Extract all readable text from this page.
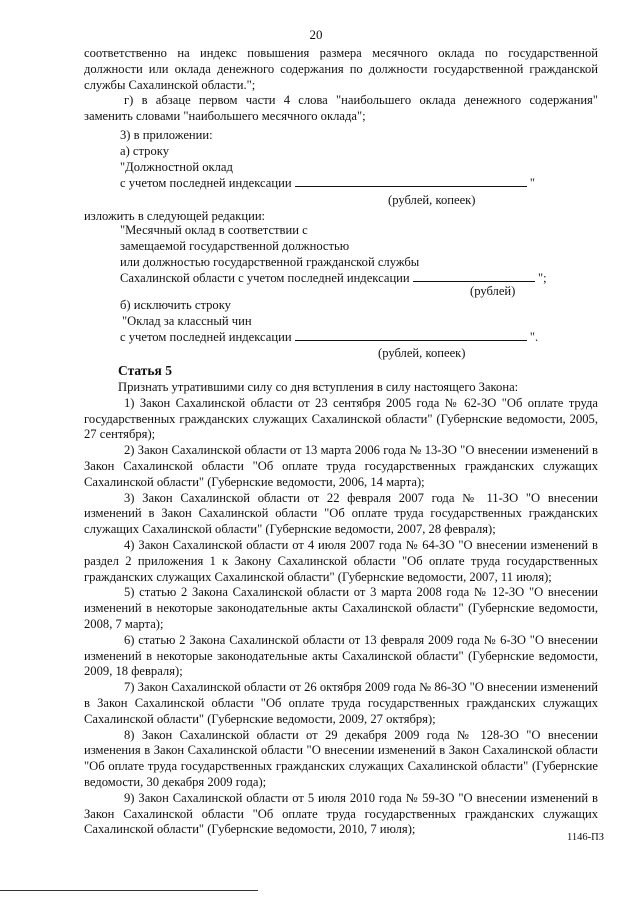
20

соответственно на индекс повышения размера месячного оклада по государственной должности или оклада денежного содержания по должности государственной гражданской службы Сахалинской области.";

г) в абзаце первом части 4 слова "наибольшего оклада денежного содержания" заменить словами "наибольшего месячного оклада";

3) в приложении:
а) строку
"Должностной оклад
с учетом последней индексации	"
(рублей, копеек)
изложить в следующей редакции:
"Месячный оклад в соответствии с
замещаемой государственной должностью
или должностью государственной гражданской службы
Сахалинской области с учетом последней индексации	";
(рублей)
б) исключить строку
"Оклад за классный чин
с учетом последней индексации	".
(рублей, копеек)
Статья 5

Признать утратившими силу со дня вступления в силу настоящего Закона:

1) Закон Сахалинской области от 23 сентября 2005 года № 62-ЗО "Об оплате труда государственных гражданских служащих Сахалинской области" (Губернские ведомости, 2005, 27 сентября);

2) Закон Сахалинской области от 13 марта 2006 года № 13-ЗО "О внесении изменений в Закон Сахалинской области "Об оплате труда государственных гражданских служащих Сахалинской области" (Губернские ведомости, 2006, 14 марта);

3) Закон Сахалинской области от 22 февраля 2007 года № 11-ЗО "О внесении изменений в Закон Сахалинской области "Об оплате труда государственных гражданских служащих Сахалинской области" (Губернские ведомости, 2007, 28 февраля);

4) Закон Сахалинской области от 4 июля 2007 года № 64-ЗО "О внесении изменений в раздел 2 приложения 1 к Закону Сахалинской области "Об оплате труда государственных гражданских служащих Сахалинской области" (Губернские ведомости, 2007, 11 июля);

5) статью 2 Закона Сахалинской области от 3 марта 2008 года № 12-ЗО "О внесении изменений в некоторые законодательные акты Сахалинской области" (Губернские ведомости, 2008, 7 марта);

6) статью 2 Закона Сахалинской области от 13 февраля 2009 года № 6-ЗО "О внесении изменений в некоторые законодательные акты Сахалинской области" (Губернские ведомости, 2009, 18 февраля);

7) Закон Сахалинской области от 26 октября 2009 года № 86-ЗО "О внесении изменений в Закон Сахалинской области "Об оплате труда государственных гражданских служащих Сахалинской области" (Губернские ведомости, 2009, 27 октября);

8) Закон Сахалинской области от 29 декабря 2009 года № 128-ЗО "О внесении изменения в Закон Сахалинской области "О внесении изменений в Закон Сахалинской области "Об оплате труда государственных гражданских служащих Сахалинской области" (Губернские ведомости, 30 декабря 2009 года);

9) Закон Сахалинской области от 5 июля 2010 года № 59-ЗО "О внесении изменений в Закон Сахалинской области "Об оплате труда государственных гражданских служащих Сахалинской области" (Губернские ведомости, 2010, 7 июля);

1146-ПЗ
